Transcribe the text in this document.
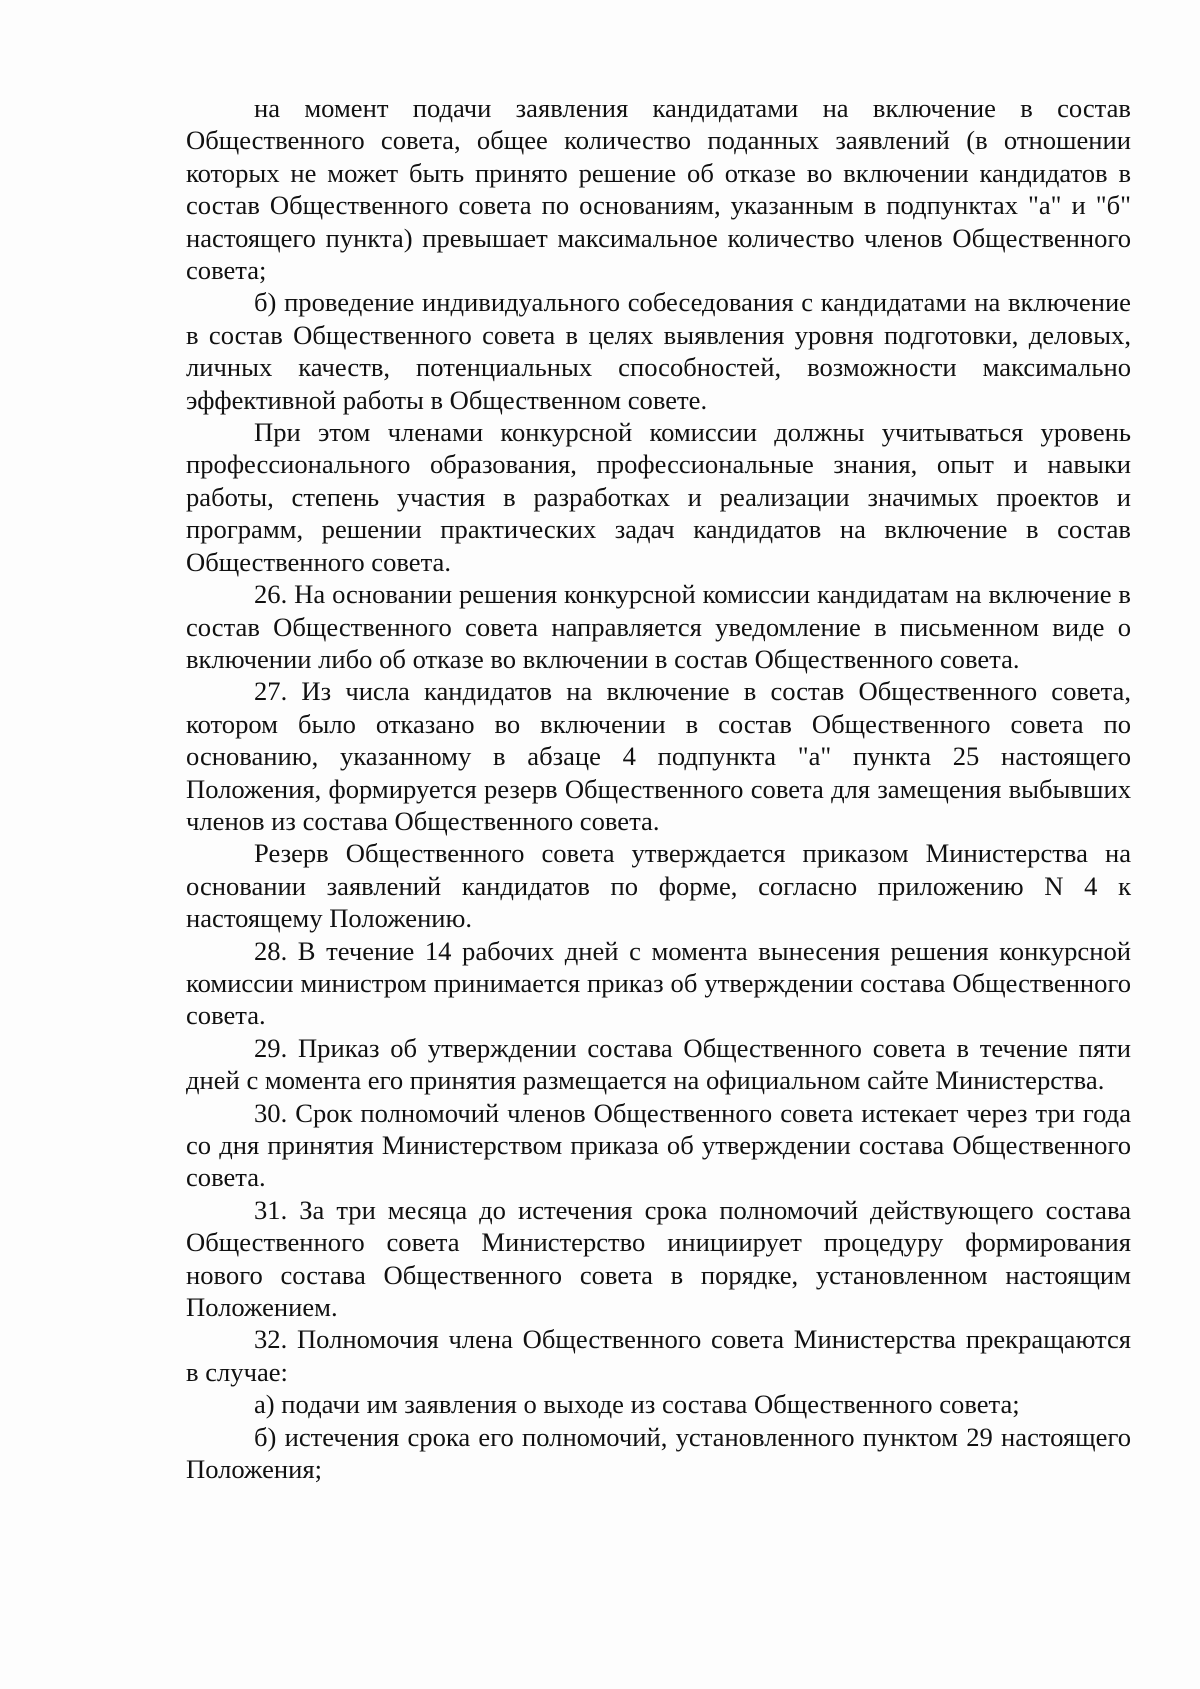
на момент подачи заявления кандидатами на включение в состав Общественного совета, общее количество поданных заявлений (в отношении которых не может быть принято решение об отказе во включении кандидатов в состав Общественного совета по основаниям, указанным в подпунктах "а" и "б" настоящего пункта) превышает максимальное количество членов Общественного совета;

б) проведение индивидуального собеседования с кандидатами на включение в состав Общественного совета в целях выявления уровня подготовки, деловых, личных качеств, потенциальных способностей, возможности максимально эффективной работы в Общественном совете.

При этом членами конкурсной комиссии должны учитываться уровень профессионального образования, профессиональные знания, опыт и навыки работы, степень участия в разработках и реализации значимых проектов и программ, решении практических задач кандидатов на включение в состав Общественного совета.

26. На основании решения конкурсной комиссии кандидатам на включение в состав Общественного совета направляется уведомление в письменном виде о включении либо об отказе во включении в состав Общественного совета.

27. Из числа кандидатов на включение в состав Общественного совета, котором было отказано во включении в состав Общественного совета по основанию, указанному в абзаце 4 подпункта "а" пункта 25 настоящего Положения, формируется резерв Общественного совета для замещения выбывших членов из состава Общественного совета.

Резерв Общественного совета утверждается приказом Министерства на основании заявлений кандидатов по форме, согласно приложению N 4 к настоящему Положению.

28. В течение 14 рабочих дней с момента вынесения решения конкурсной комиссии министром принимается приказ об утверждении состава Общественного совета.

29. Приказ об утверждении состава Общественного совета в течение пяти дней с момента его принятия размещается на официальном сайте Министерства.

30. Срок полномочий членов Общественного совета истекает через три года со дня принятия Министерством приказа об утверждении состава Общественного совета.

31. За три месяца до истечения срока полномочий действующего состава Общественного совета Министерство инициирует процедуру формирования нового состава Общественного совета в порядке, установленном настоящим Положением.

32. Полномочия члена Общественного совета Министерства прекращаются в случае:

а) подачи им заявления о выходе из состава Общественного совета;

б) истечения срока его полномочий, установленного пунктом 29 настоящего Положения;
